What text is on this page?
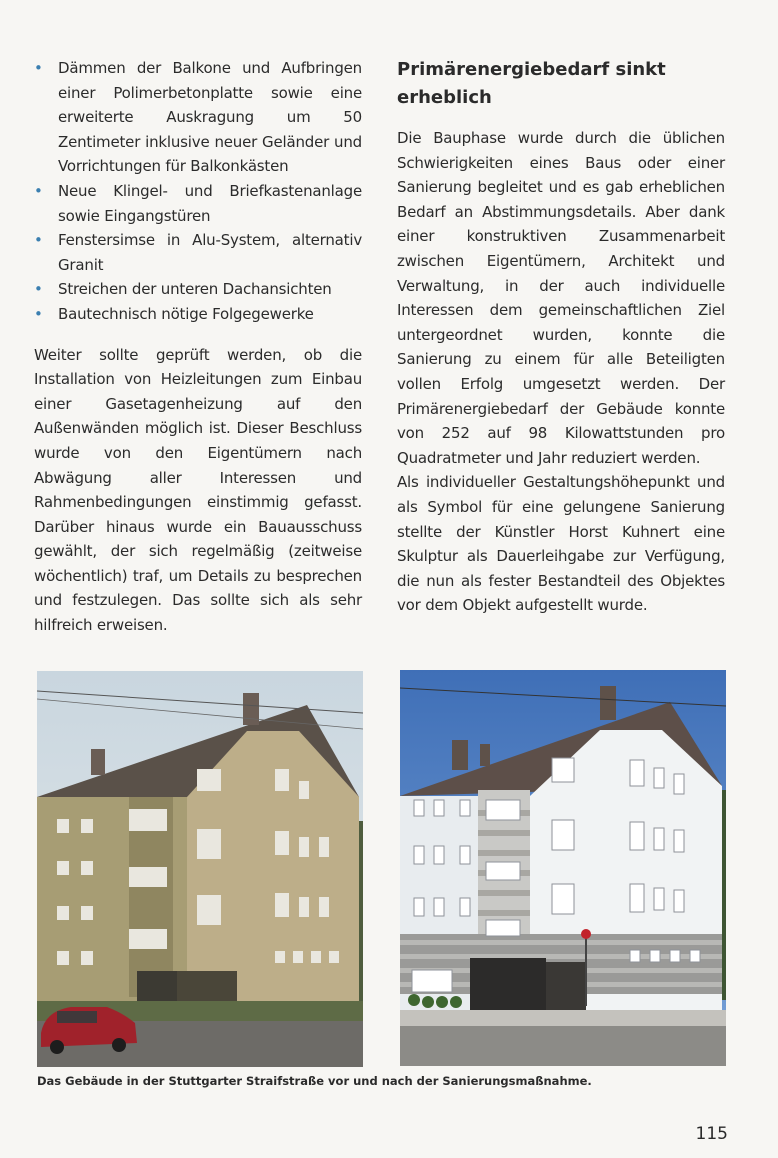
•	Dämmen der Balkone und Aufbringen einer Polimerbetonplatte sowie eine erweiterte Auskragung um 50 Zentimeter inklusive neuer Geländer und Vorrichtungen für Balkonkästen
•	Neue Klingel- und Briefkastenanlage sowie Eingangstüren
•	Fenstersimse in Alu-System, alternativ Granit
•	Streichen der unteren Dachansichten
•	Bautechnisch nötige Folgegewerke

Weiter sollte geprüft werden, ob die Installation von Heizleitungen zum Einbau einer Gasetagenheizung auf den Außenwänden möglich ist. Dieser Beschluss wurde von den Eigentümern nach Abwägung aller Interessen und Rahmenbedingungen einstimmig gefasst. Darüber hinaus wurde ein Bauausschuss gewählt, der sich regelmäßig (zeitweise wöchentlich) traf, um Details zu besprechen und festzulegen. Das sollte sich als sehr hilfreich erweisen.

Primärenergiebedarf sinkt erheblich

Die Bauphase wurde durch die üblichen Schwierigkeiten eines Baus oder einer Sanierung begleitet und es gab erheblichen Bedarf an Abstimmungsdetails. Aber dank einer konstruktiven Zusammenarbeit zwischen Eigentümern, Architekt und Verwaltung, in der auch individuelle Interessen dem gemeinschaftlichen Ziel untergeordnet wurden, konnte die Sanierung zu einem für alle Beteiligten vollen Erfolg umgesetzt werden. Der Primärenergiebedarf der Gebäude konnte von 252 auf 98 Kilowattstunden pro Quadratmeter und Jahr reduziert werden.

Als individueller Gestaltungshöhepunkt und als Symbol für eine gelungene Sanierung stellte der Künstler Horst Kuhnert eine Skulptur als Dauerleihgabe zur Verfügung, die nun als fester Bestandteil des Objektes vor dem Objekt aufgestellt wurde.

Das Gebäude in der Stuttgarter Straifstraße vor und nach der Sanierungsmaßnahme.
115
